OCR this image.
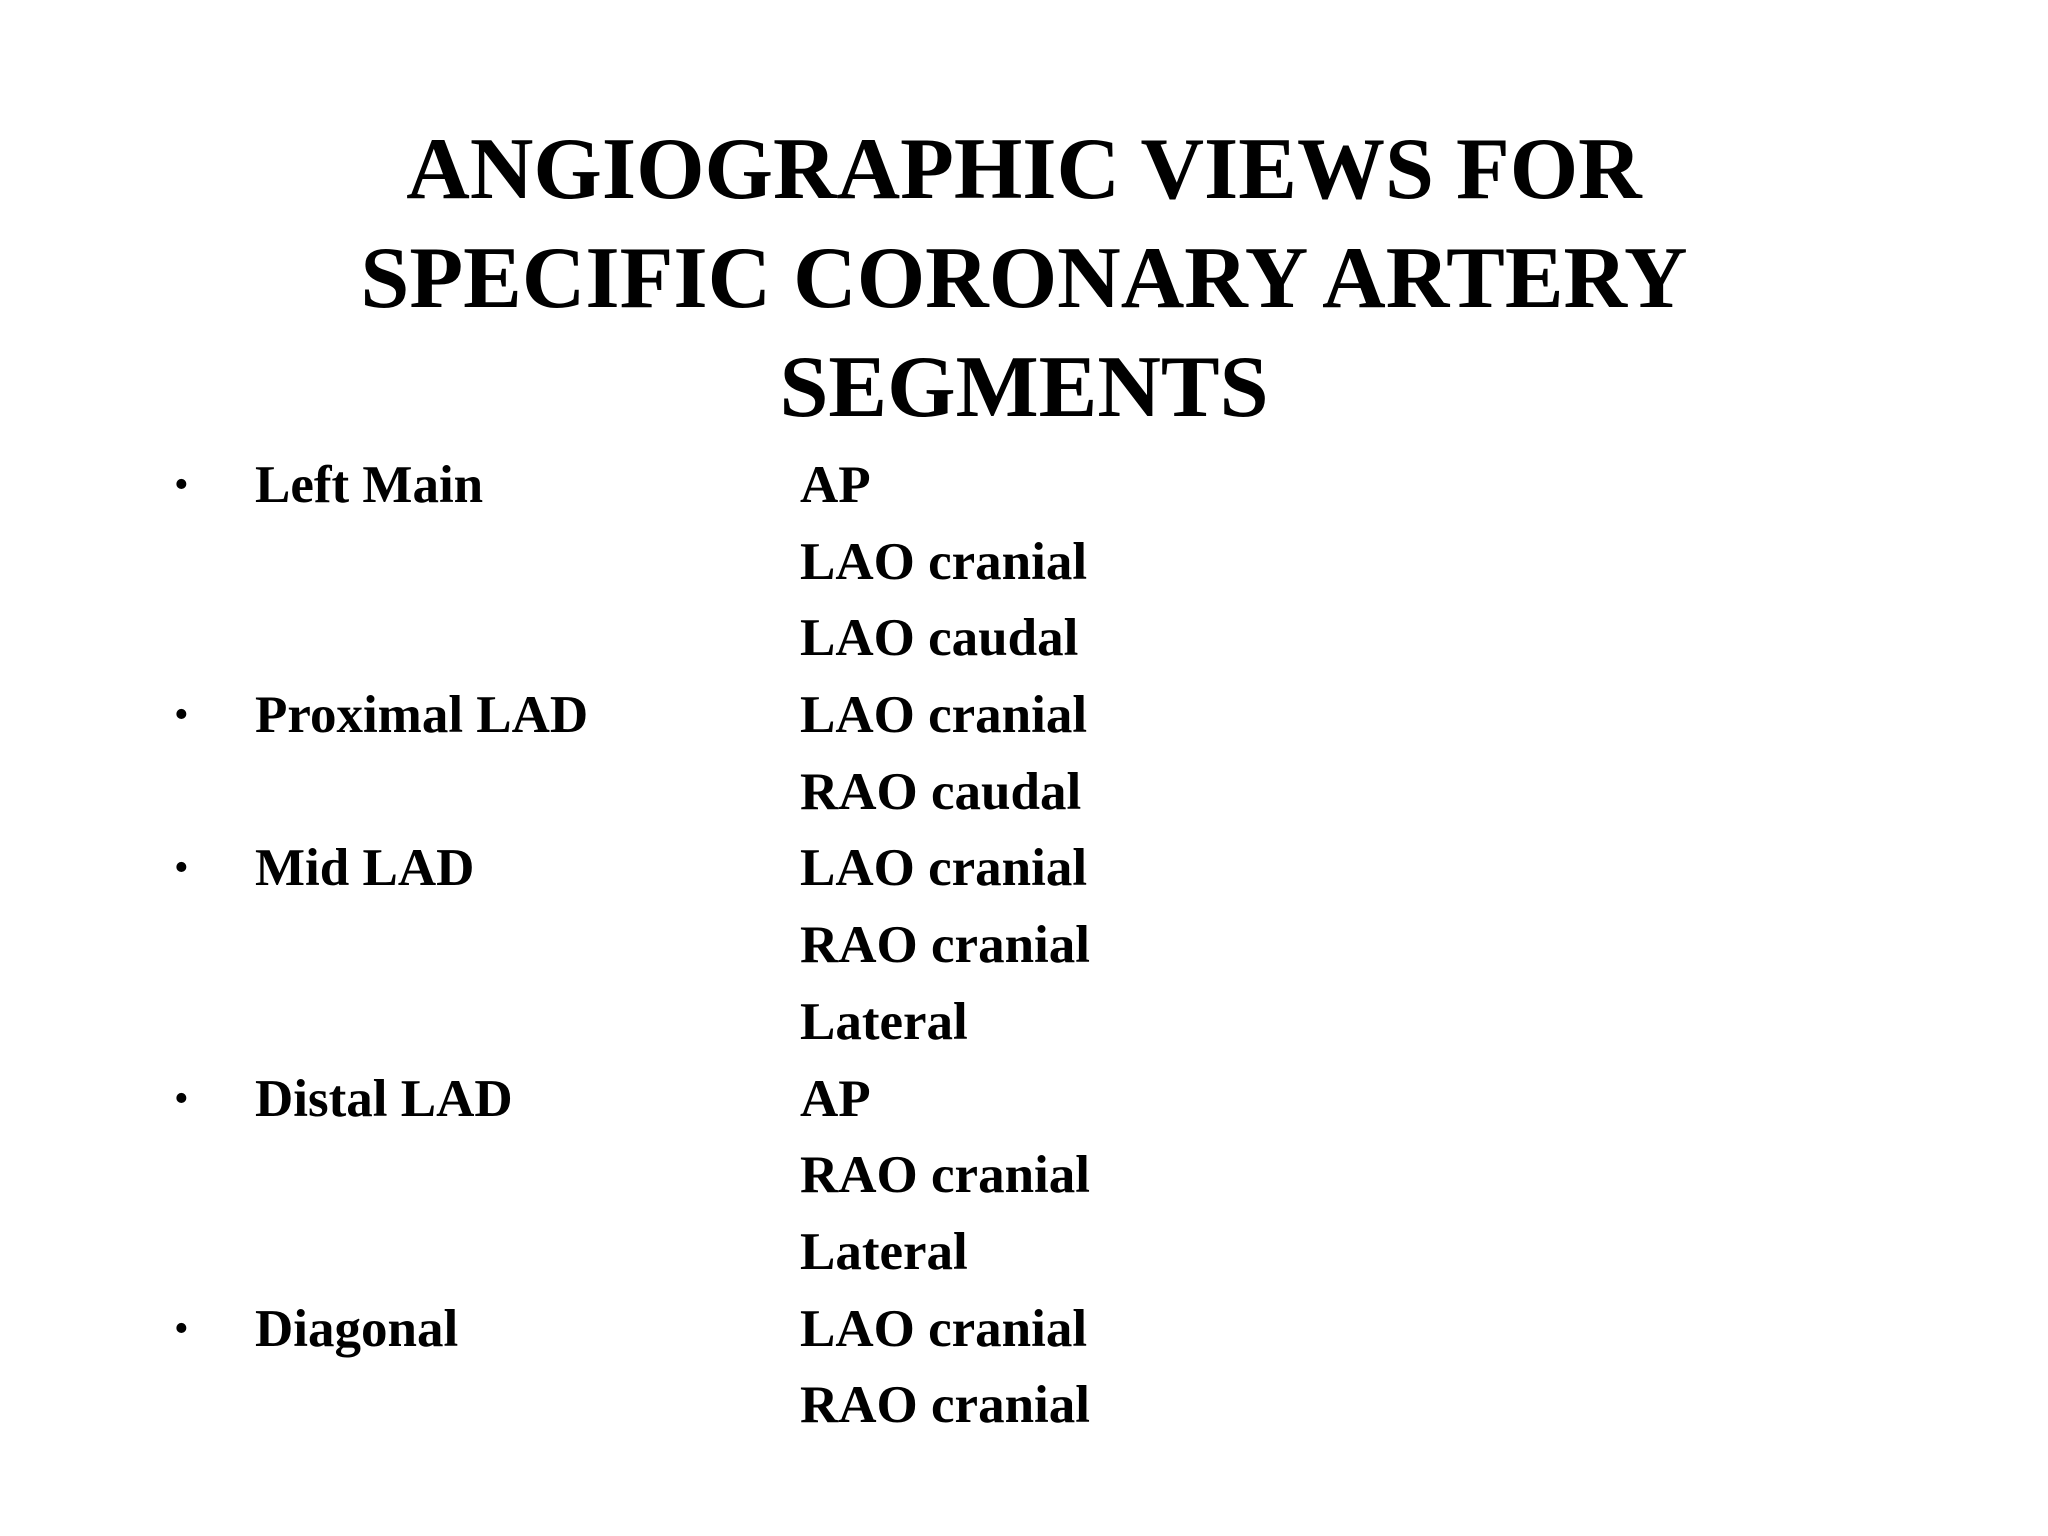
ANGIOGRAPHIC VIEWS FOR
SPECIFIC CORONARY ARTERY
SEGMENTS
• Left Main	AP
LAO cranial
LAO caudal
• Proximal LAD	LAO cranial
RAO caudal
• Mid LAD	LAO cranial
RAO cranial
Lateral
• Distal LAD	AP
RAO cranial
Lateral
• Diagonal	LAO cranial
RAO cranial
